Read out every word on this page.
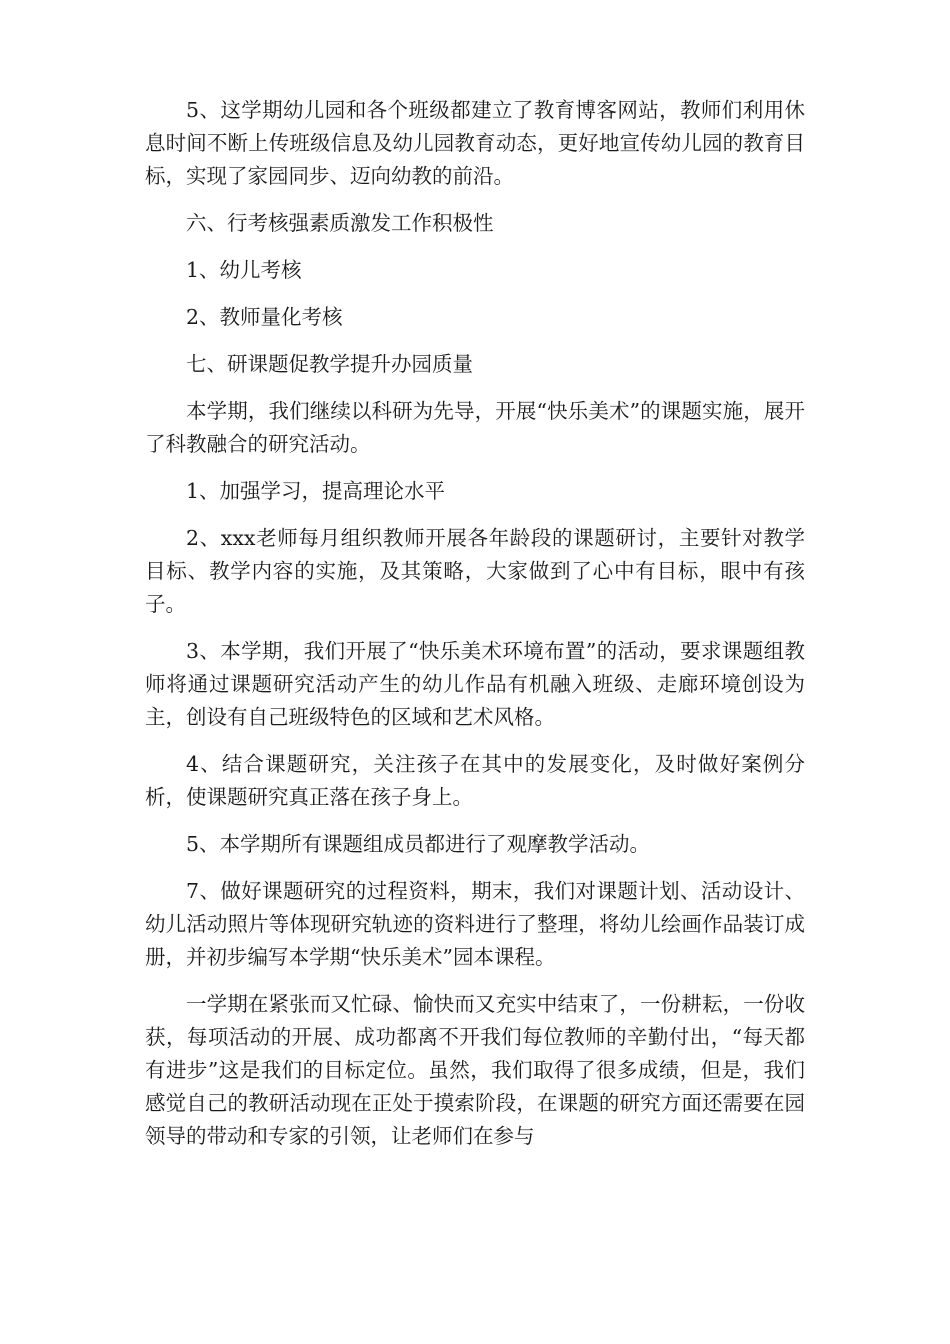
5、这学期幼儿园和各个班级都建立了教育博客网站，教师们利用休息时间不断上传班级信息及幼儿园教育动态，更好地宣传幼儿园的教育目标，实现了家园同步、迈向幼教的前沿。

六、行考核强素质激发工作积极性

1、幼儿考核

2、教师量化考核

七、研课题促教学提升办园质量

本学期，我们继续以科研为先导，开展“快乐美术”的课题实施，展开了科教融合的研究活动。

1、加强学习，提高理论水平

2、xxx老师每月组织教师开展各年龄段的课题研讨，主要针对教学目标、教学内容的实施，及其策略，大家做到了心中有目标，眼中有孩子。

3、本学期，我们开展了“快乐美术环境布置”的活动，要求课题组教师将通过课题研究活动产生的幼儿作品有机融入班级、走廊环境创设为主，创设有自己班级特色的区域和艺术风格。

4、结合课题研究，关注孩子在其中的发展变化，及时做好案例分析，使课题研究真正落在孩子身上。

5、本学期所有课题组成员都进行了观摩教学活动。

7、做好课题研究的过程资料，期末，我们对课题计划、活动设计、幼儿活动照片等体现研究轨迹的资料进行了整理，将幼儿绘画作品装订成册，并初步编写本学期“快乐美术”园本课程。

一学期在紧张而又忙碌、愉快而又充实中结束了，一份耕耘，一份收获，每项活动的开展、成功都离不开我们每位教师的辛勤付出，“每天都有进步”这是我们的目标定位。虽然，我们取得了很多成绩，但是，我们感觉自己的教研活动现在正处于摸索阶段，在课题的研究方面还需要在园领导的带动和专家的引领，让老师们在参与
